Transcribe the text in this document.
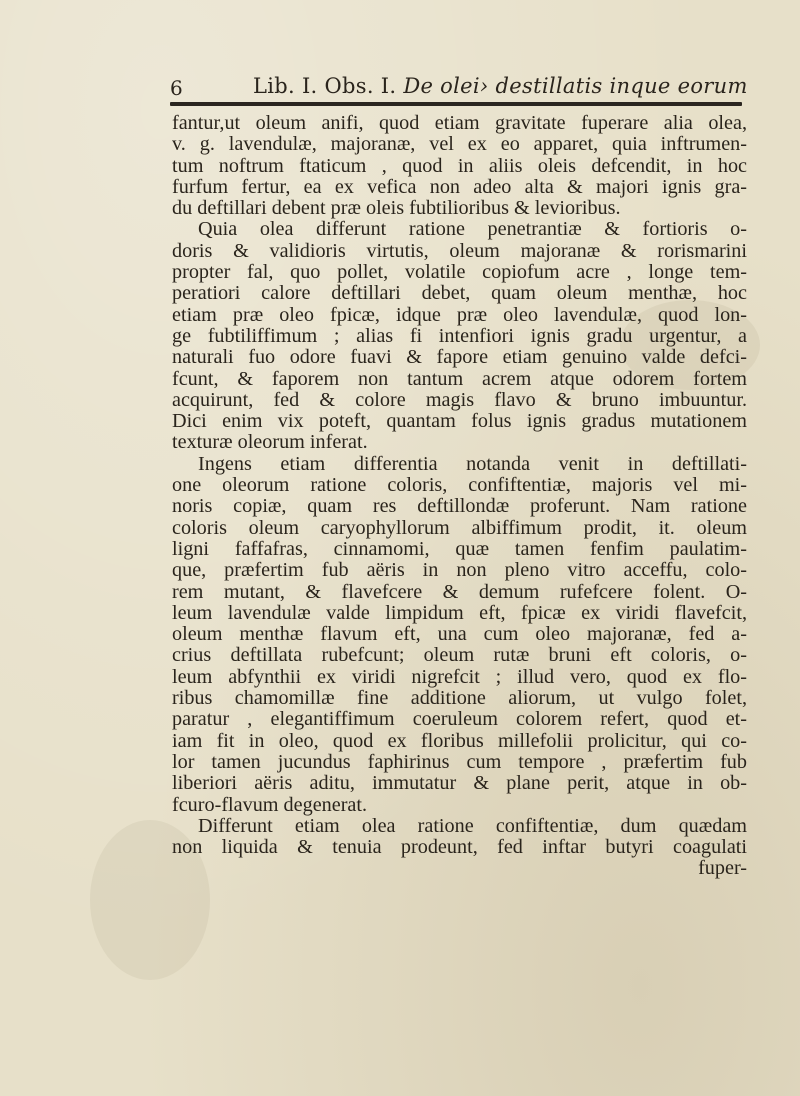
6	Lib. I. Obs. I. De olei› destillatis inque eorum
fantur,ut oleum anifi, quod etiam gravitate fuperare alia olea,
v. g. lavendulæ, majoranæ, vel ex eo apparet, quia inftrumen-
tum noftrum ftaticum , quod in aliis oleis defcendit, in hoc
furfum fertur, ea ex vefica non adeo alta & majori ignis gra-
du deftillari debent præ oleis fubtilioribus & levioribus.
Quia olea differunt ratione penetrantiæ & fortioris o-
doris & validioris virtutis, oleum majoranæ & rorismarini
propter fal, quo pollet, volatile copiofum acre , longe tem-
peratiori calore deftillari debet, quam oleum menthæ, hoc
etiam præ oleo fpicæ, idque præ oleo lavendulæ, quod lon-
ge fubtiliffimum ; alias fi intenfiori ignis gradu urgentur, a
naturali fuo odore fuavi & fapore etiam genuino valde defci-
fcunt, & faporem non tantum acrem atque odorem fortem
acquirunt, fed & colore magis flavo & bruno imbuuntur.
Dici enim vix poteft, quantam folus ignis gradus mutationem
texturæ oleorum inferat.
Ingens etiam differentia notanda venit in deftillati-
one oleorum ratione coloris, confiftentiæ, majoris vel mi-
noris copiæ, quam res deftillondæ proferunt. Nam ratione
coloris oleum caryophyllorum albiffimum prodit, it. oleum
ligni faffafras, cinnamomi, quæ tamen fenfim paulatim-
que, præfertim fub aëris in non pleno vitro acceffu, colo-
rem mutant, & flavefcere & demum rufefcere folent. O-
leum lavendulæ valde limpidum eft, fpicæ ex viridi flavefcit,
oleum menthæ flavum eft, una cum oleo majoranæ, fed a-
crius deftillata rubefcunt; oleum rutæ bruni eft coloris, o-
leum abfynthii ex viridi nigrefcit ; illud vero, quod ex flo-
ribus chamomillæ fine additione aliorum, ut vulgo folet,
paratur , elegantiffimum coeruleum colorem refert, quod et-
iam fit in oleo, quod ex floribus millefolii prolicitur, qui co-
lor tamen jucundus faphirinus cum tempore , præfertim fub
liberiori aëris aditu, immutatur & plane perit, atque in ob-
fcuro-flavum degenerat.
Differunt etiam olea ratione confiftentiæ, dum quædam
non liquida & tenuia prodeunt, fed inftar butyri coagulati
fuper-
